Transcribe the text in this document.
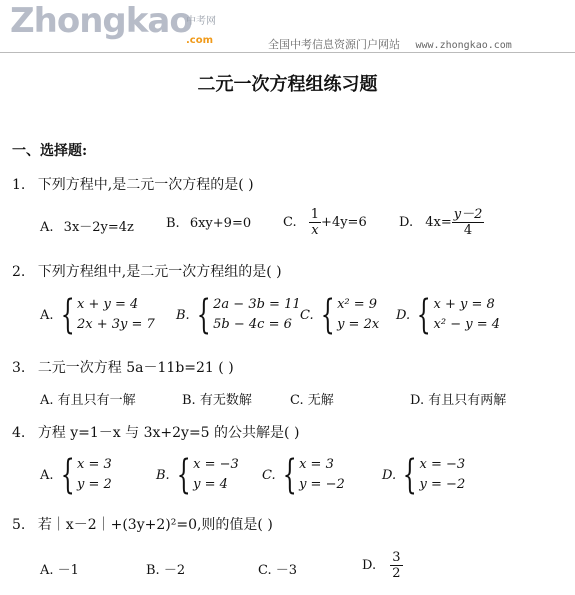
Zhongkao
中考网
.com	全国中考信息资源门户网站 www.zhongkao.com
二元一次方程组练习题
一、选择题:
1. 下列方程中,是二元一次方程的是( )
A. 3x－2y=4z B. 6xy+9=0 C. $\frac{1}{x} +4y=6$ D. $4x= \frac{y-2}{4}$
2. 下列方程组中,是二元一次方程组的是( )
A. { x + y = 4
2x + 3y = 7
B. { 2a − 3b = 11
5b − 4c = 6
C. { x² = 9
y = 2x
D. { x + y = 8
x² − y = 4
3. 二元一次方程 5a－11b=21 ( )
A. 有且只有一解	B. 有无数解	C. 无解	D. 有且只有两解
4. 方程 y=1－x 与 3x+2y=5 的公共解是( )
A. { x = 3
y = 2
B. { x = −3
y = 4
C. { x = 3
y = −2
D. { x = −3
y = −2
5. 若｜x－2｜+(3y+2)²=0,则的值是( )
A. －1	B. －2	C. －3	D. $\frac{3}{2}$
